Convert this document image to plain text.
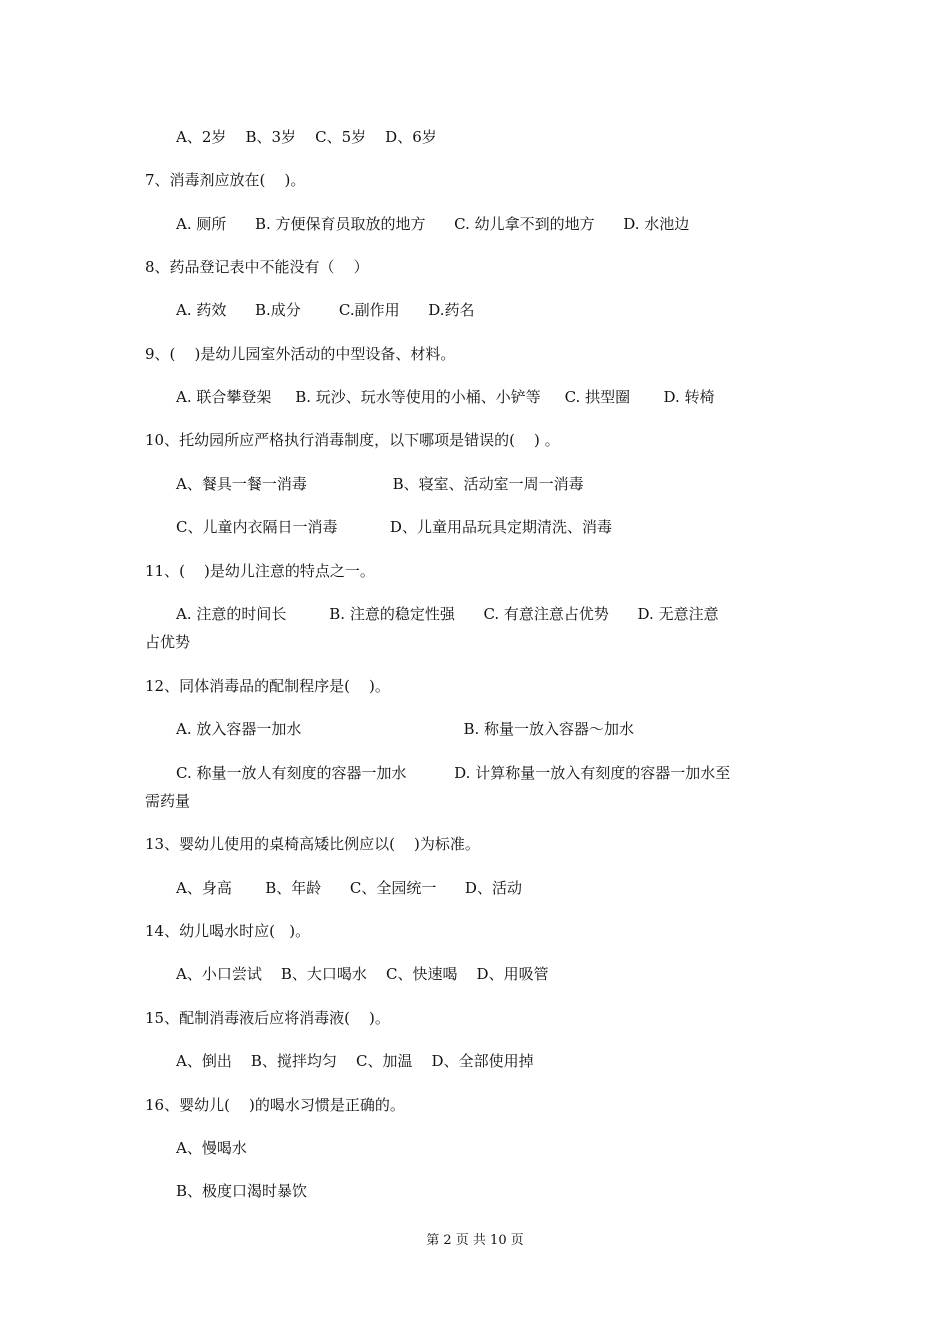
A、2岁    B、3岁    C、5岁    D、6岁
7、消毒剂应放在(    )。
A. 厕所      B. 方便保育员取放的地方      C. 幼儿拿不到的地方      D. 水池边
8、药品登记表中不能没有（    ）
A. 药效      B.成分        C.副作用      D.药名
9、(    )是幼儿园室外活动的中型设备、材料。
A. 联合攀登架     B. 玩沙、玩水等使用的小桶、小铲等     C. 拱型圈       D. 转椅
10、托幼园所应严格执行消毒制度，以下哪项是错误的(    ) 。
A、餐具一餐一消毒                  B、寝室、活动室一周一消毒
C、儿童内衣隔日一消毒           D、儿童用品玩具定期清洗、消毒
11、(    )是幼儿注意的特点之一。
A. 注意的时间长         B. 注意的稳定性强      C. 有意注意占优势      D. 无意注意
占优势
12、同体消毒品的配制程序是(    )。
A. 放入容器一加水                                  B. 称量一放入容器～加水
C. 称量一放人有刻度的容器一加水          D. 计算称量一放入有刻度的容器一加水至
需药量
13、婴幼儿使用的桌椅高矮比例应以(    )为标准。
A、身高       B、年龄      C、全园统一      D、活动
14、幼儿喝水时应(   )。
A、小口尝试    B、大口喝水    C、快速喝    D、用吸管
15、配制消毒液后应将消毒液(    )。
A、倒出    B、搅拌均匀    C、加温    D、全部使用掉
16、婴幼儿(    )的喝水习惯是正确的。
A、慢喝水
B、极度口渴时暴饮
第 2 页 共 10 页
